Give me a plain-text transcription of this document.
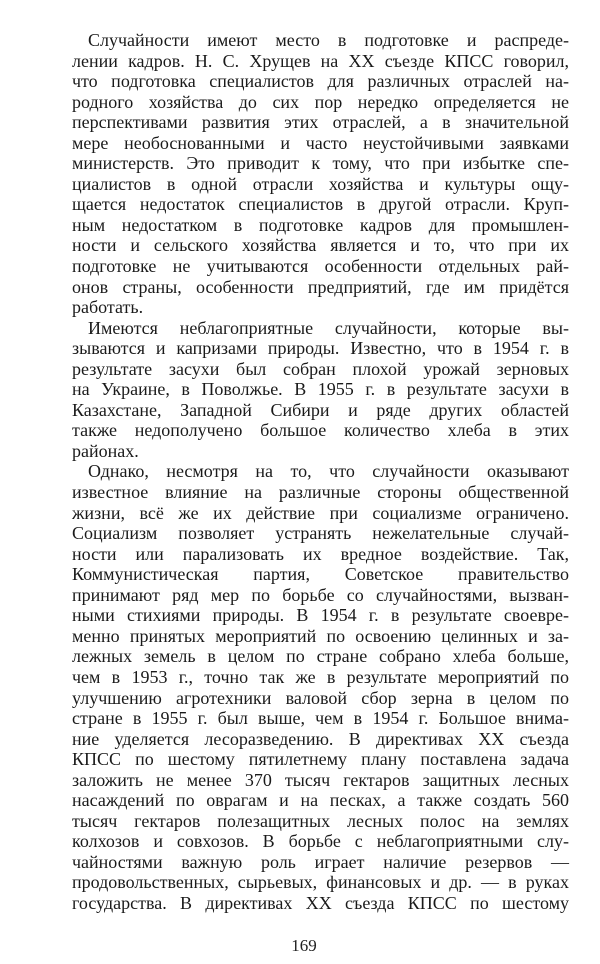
Случайности имеют место в подготовке и распреде-
лении кадров. Н. С. Хрущев на XX съезде КПСС говорил,
что подготовка специалистов для различных отраслей на-
родного хозяйства до сих пор нередко определяется не
перспективами развития этих отраслей, а в значительной
мере необоснованными и часто неустойчивыми заявками
министерств. Это приводит к тому, что при избытке спе-
циалистов в одной отрасли хозяйства и культуры ощу-
щается недостаток специалистов в другой отрасли. Круп-
ным недостатком в подготовке кадров для промышлен-
ности и сельского хозяйства является и то, что при их
подготовке не учитываются особенности отдельных рай-
онов страны, особенности предприятий, где им придётся
работать.
Имеются неблагоприятные случайности, которые вы-
зываются и капризами природы. Известно, что в 1954 г. в
результате засухи был собран плохой урожай зерновых
на Украине, в Поволжье. В 1955 г. в результате засухи в
Казахстане, Западной Сибири и ряде других областей
также недополучено большое количество хлеба в этих
районах.
Однако, несмотря на то, что случайности оказывают
известное влияние на различные стороны общественной
жизни, всё же их действие при социализме ограничено.
Социализм позволяет устранять нежелательные случай-
ности или парализовать их вредное воздействие. Так,
Коммунистическая партия, Советское правительство
принимают ряд мер по борьбе со случайностями, вызван-
ными стихиями природы. В 1954 г. в результате своевре-
менно принятых мероприятий по освоению целинных и за-
лежных земель в целом по стране собрано хлеба больше,
чем в 1953 г., точно так же в результате мероприятий по
улучшению агротехники валовой сбор зерна в целом по
стране в 1955 г. был выше, чем в 1954 г. Большое внима-
ние уделяется лесоразведению. В директивах XX съезда
КПСС по шестому пятилетнему плану поставлена задача
заложить не менее 370 тысяч гектаров защитных лесных
насаждений по оврагам и на песках, а также создать 560
тысяч гектаров полезащитных лесных полос на землях
колхозов и совхозов. В борьбе с неблагоприятными слу-
чайностями важную роль играет наличие резервов —
продовольственных, сырьевых, финансовых и др. — в руках
государства. В директивах XX съезда КПСС по шестому
169
